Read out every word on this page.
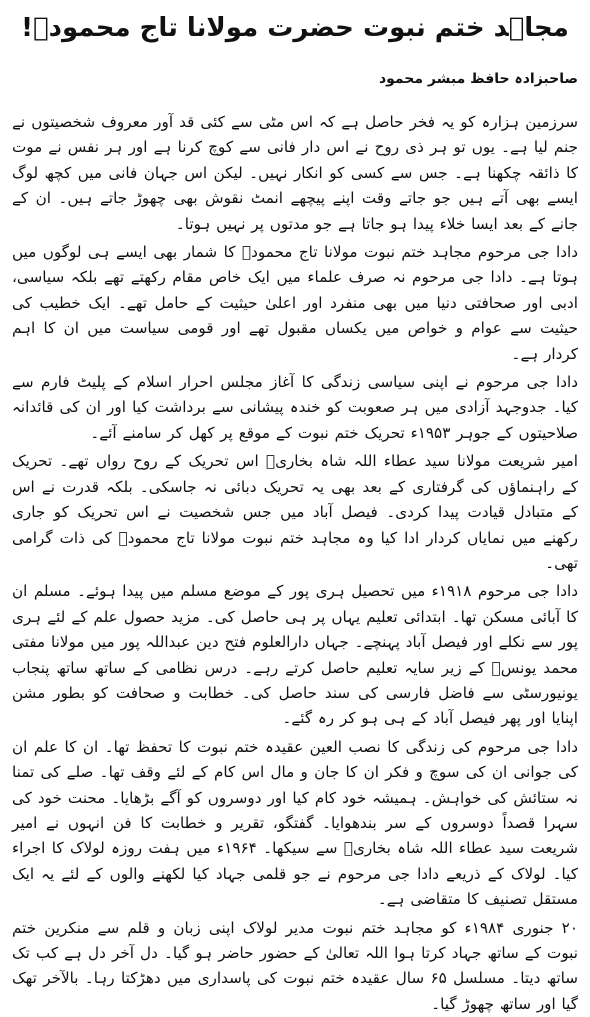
مجاہد ختم نبوت حضرت مولانا تاج محمودؒ!
صاحبزادہ حافظ مبشر محمود

سرزمین ہزارہ کو یہ فخر حاصل ہے کہ اس مٹی سے کئی قد آور معروف شخصیتوں نے جنم لیا ہے۔ یوں تو ہر ذی روح نے اس دار فانی سے کوچ کرنا ہے اور ہر نفس نے موت کا ذائقہ چکھنا ہے۔ جس سے کسی کو انکار نہیں۔ لیکن اس جہان فانی میں کچھ لوگ ایسے بھی آتے ہیں جو جاتے وقت اپنے پیچھے انمٹ نقوش بھی چھوڑ جاتے ہیں۔ ان کے جانے کے بعد ایسا خلاء پیدا ہو جاتا ہے جو مدتوں پر نہیں ہوتا۔

دادا جی مرحوم مجاہد ختم نبوت مولانا تاج محمودؒ کا شمار بھی ایسے ہی لوگوں میں ہوتا ہے۔ دادا جی مرحوم نہ صرف علماء میں ایک خاص مقام رکھتے تھے بلکہ سیاسی، ادبی اور صحافتی دنیا میں بھی منفرد اور اعلیٰ حیثیت کے حامل تھے۔ ایک خطیب کی حیثیت سے عوام و خواص میں یکساں مقبول تھے اور قومی سیاست میں ان کا اہم کردار ہے۔

دادا جی مرحوم نے اپنی سیاسی زندگی کا آغاز مجلس احرار اسلام کے پلیٹ فارم سے کیا۔ جدوجہد آزادی میں ہر صعوبت کو خندہ پیشانی سے برداشت کیا اور ان کی قائدانہ صلاحیتوں کے جوہر ۱۹۵۳ء تحریک ختم نبوت کے موقع پر کھل کر سامنے آئے۔

امیر شریعت مولانا سید عطاء اللہ شاہ بخاریؒ اس تحریک کے روح رواں تھے۔ تحریک کے راہنماؤں کی گرفتاری کے بعد بھی یہ تحریک دبائی نہ جاسکی۔ بلکہ قدرت نے اس کے متبادل قیادت پیدا کردی۔ فیصل آباد میں جس شخصیت نے اس تحریک کو جاری رکھنے میں نمایاں کردار ادا کیا وہ مجاہد ختم نبوت مولانا تاج محمودؒ کی ذات گرامی تھی۔

دادا جی مرحوم ۱۹۱۸ء میں تحصیل ہری پور کے موضع مسلم میں پیدا ہوئے۔ مسلم ان کا آبائی مسکن تھا۔ ابتدائی تعلیم یہاں پر ہی حاصل کی۔ مزید حصول علم کے لئے ہری پور سے نکلے اور فیصل آباد پہنچے۔ جہاں دارالعلوم فتح دین عبداللہ پور میں مولانا مفتی محمد یونسؒ کے زیر سایہ تعلیم حاصل کرتے رہے۔ درس نظامی کے ساتھ ساتھ پنجاب یونیورسٹی سے فاضل فارسی کی سند حاصل کی۔ خطابت و صحافت کو بطور مشن اپنایا اور پھر فیصل آباد کے ہی ہو کر رہ گئے۔

دادا جی مرحوم کی زندگی کا نصب العین عقیدہ ختم نبوت کا تحفظ تھا۔ ان کا علم ان کی جوانی ان کی سوچ و فکر ان کا جان و مال اس کام کے لئے وقف تھا۔ صلے کی تمنا نہ ستائش کی خواہش۔ ہمیشہ خود کام کیا اور دوسروں کو آگے بڑھایا۔ محنت خود کی سہرا قصداً دوسروں کے سر بندھوایا۔ گفتگو، تقریر و خطابت کا فن انہوں نے امیر شریعت سید عطاء اللہ شاہ بخاریؒ سے سیکھا۔ ۱۹۶۴ء میں ہفت روزہ لولاک کا اجراء کیا۔ لولاک کے ذریعے دادا جی مرحوم نے جو قلمی جہاد کیا لکھنے والوں کے لئے یہ ایک مستقل تصنیف کا متقاضی ہے۔

۲۰ جنوری ۱۹۸۴ء کو مجاہد ختم نبوت مدیر لولاک اپنی زبان و قلم سے منکرین ختم نبوت کے ساتھ جہاد کرتا ہوا اللہ تعالیٰ کے حضور حاضر ہو گیا۔ دل آخر دل ہے کب تک ساتھ دیتا۔ مسلسل ۶۵ سال عقیدہ ختم نبوت کی پاسداری میں دھڑکتا رہا۔ بالآخر تھک گیا اور ساتھ چھوڑ گیا۔
